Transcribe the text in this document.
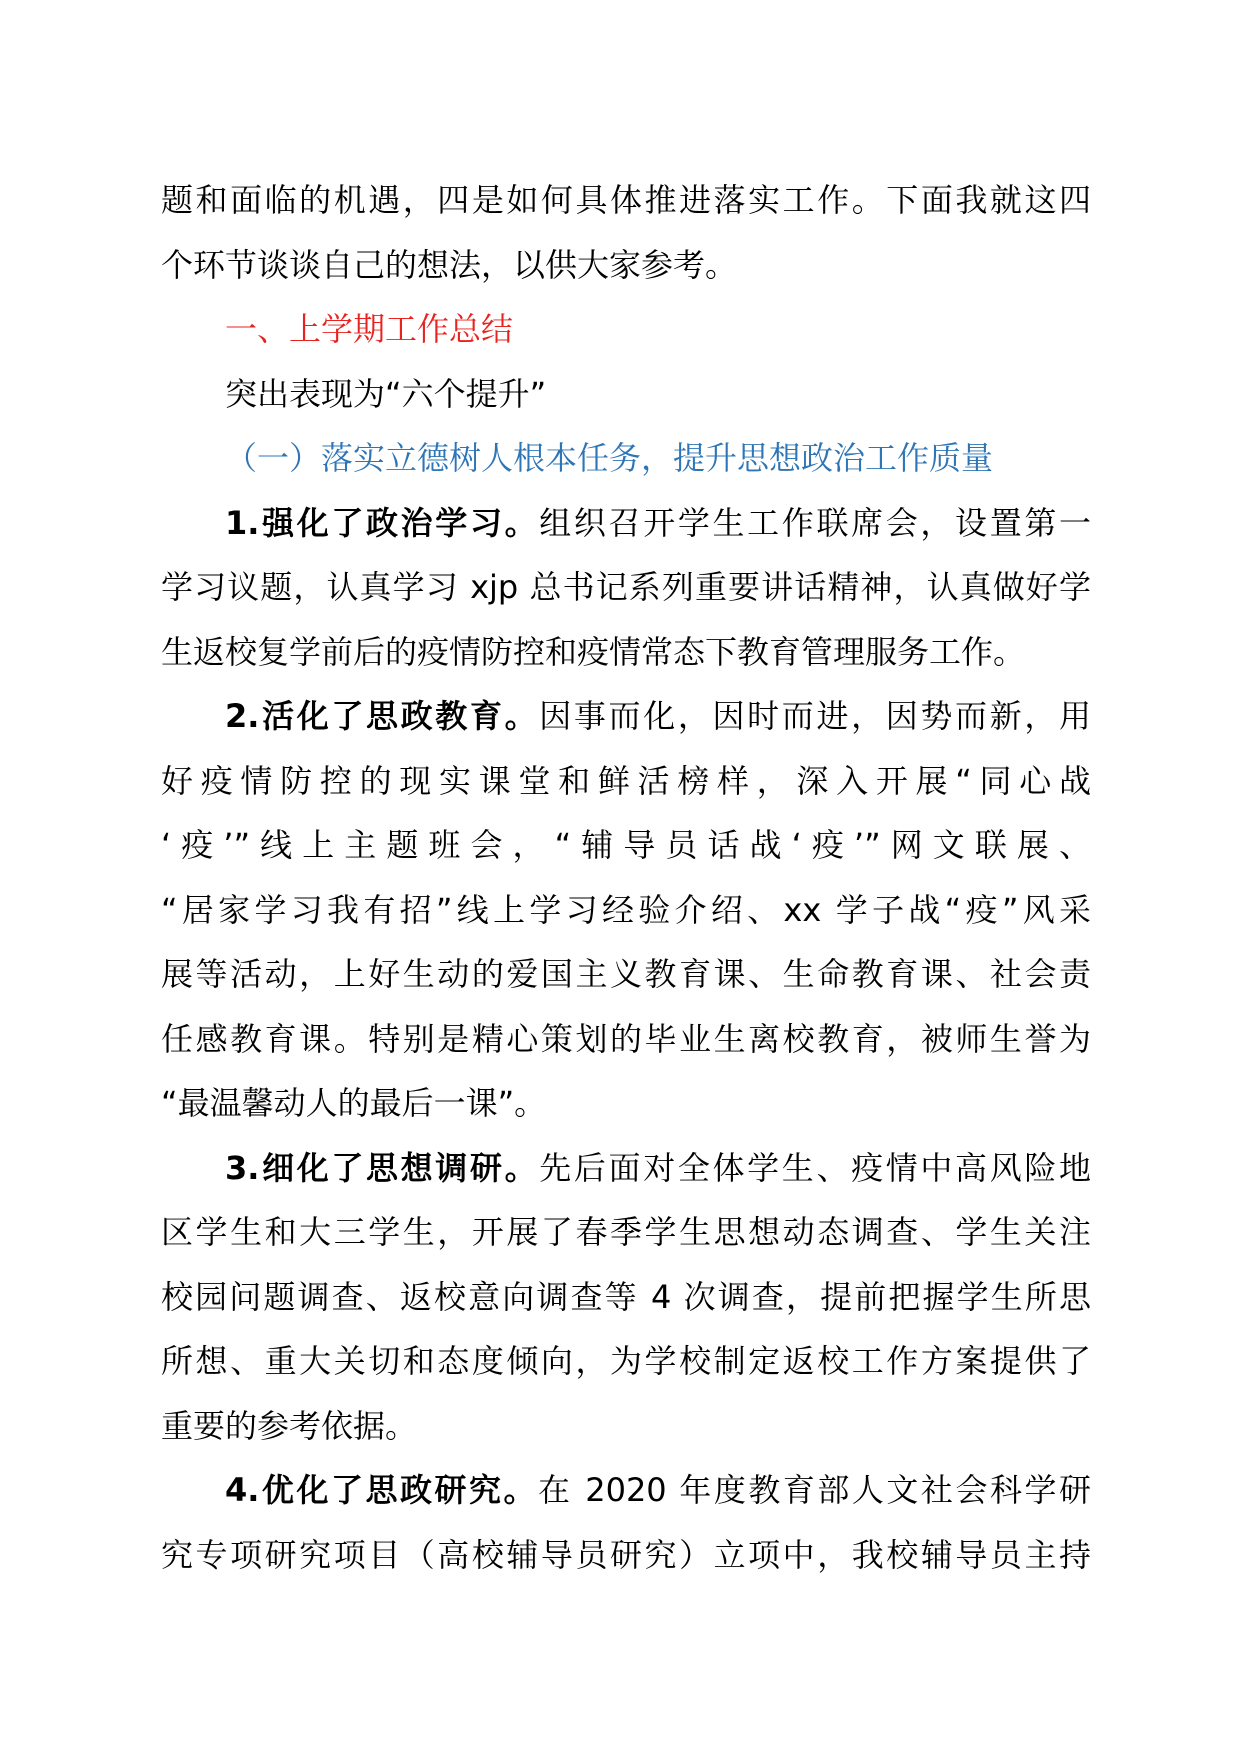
题和面临的机遇，四是如何具体推进落实工作。下面我就这四
个环节谈谈自己的想法，以供大家参考。
一、上学期工作总结
突出表现为“六个提升”
（一）落实立德树人根本任务，提升思想政治工作质量
1.强化了政治学习。组织召开学生工作联席会，设置第一
学习议题，认真学习 xjp 总书记系列重要讲话精神，认真做好学
生返校复学前后的疫情防控和疫情常态下教育管理服务工作。
2.活化了思政教育。因事而化，因时而进，因势而新，用
好疫情防控的现实课堂和鲜活榜样，深入开展“同心战
‘疫’”线上主题班会，“辅导员话战‘疫’”网文联展、
“居家学习我有招”线上学习经验介绍、xx 学子战“疫”风采
展等活动，上好生动的爱国主义教育课、生命教育课、社会责
任感教育课。特别是精心策划的毕业生离校教育，被师生誉为
“最温馨动人的最后一课”。
3.细化了思想调研。先后面对全体学生、疫情中高风险地
区学生和大三学生，开展了春季学生思想动态调查、学生关注
校园问题调查、返校意向调查等 4 次调查，提前把握学生所思
所想、重大关切和态度倾向，为学校制定返校工作方案提供了
重要的参考依据。
4.优化了思政研究。在 2020 年度教育部人文社会科学研
究专项研究项目（高校辅导员研究）立项中，我校辅导员主持
